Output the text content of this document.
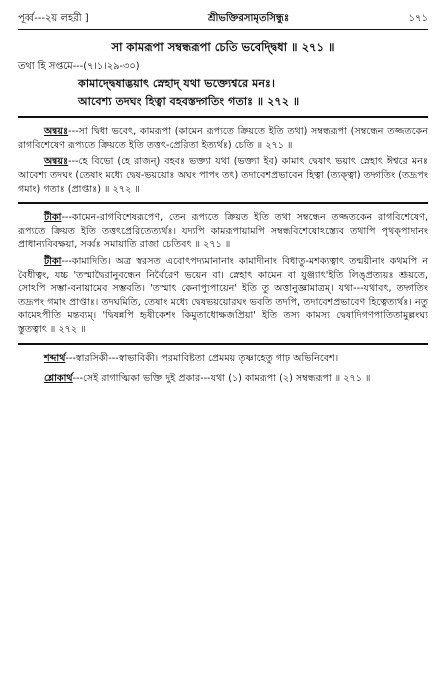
পূর্ব্ব---২য় লহরী ]	শ্রীভক্তিরসামৃতসিন্ধুঃ	১৭১
সা কামরূপা সম্বন্ধরূপা চেতি ভবেদ্দ্বিধা ॥ ২৭১ ॥
তথা হি সপ্তমে---(৭।১।২৯-৩০)
কামাদ্দ্বেষাদ্ভয়াৎ স্নেহাদ্ যথা ভক্ত্যেশ্বরে মনঃ।
আবেশ্য তদঘং হিত্বা বহবস্তদ্গতিং গতাঃ ॥ ২৭২ ॥

অন্বয়ঃ---সা দ্বিধা ভবেৎ, কামরূপা (কামেন রূপ্যতে ক্রিয়তে ইতি তথা) সম্বন্ধরূপা (সম্বন্ধেন তজ্জতকেন রাগবিশেষেণ রূপ্যতে ক্রিয়তে ইতি তত্তৎ-প্রেরিতা ইত্যর্থঃ) চেতি ॥ ২৭১ ॥

অন্বয়ঃ---হে বিভো (হে রাজন্) বহবঃ ভক্ত্যা যথা (ভক্ত্যা ইব) কামাৎ দ্বেষাৎ ভয়াৎ স্নেহাৎ ঈশ্বরে মনঃ আবেশ্য তদঘং (তেষাং মধ্যে দ্বেষ-ভয়য়োঃ অঘং পাপং তৎ) তদাবেশপ্রভাবেন হিত্বা (ত্যক্ত্বা) তদ্গতিং (তদ্রূপং গমাং) গতাঃ (প্রাপ্তাঃ) ॥ ২৭২ ॥

টীকা---কামেন-রাগবিশেষরূপেণ, তেন রূপ্যতে ক্রিয়ত ইতি তথা সম্বন্ধেন তজ্জতকেন রাগবিশেষেণ, রূপ্যতে ক্রিয়ত ইতি তত্তৎপ্রেরিতেত্যর্থঃ। যদ্যপি কামরূপায়ামপি সম্বন্ধবিশেষোঽস্ত্যেব তথাপি পৃথক্‌পাদানং প্রাধান্যবিবক্ষয়া, সর্ব্বঃ সমায়াতি রাজা চেতিবৎ ॥ ২৭১ ॥

টীকা---কামাদিতি। অত্র স্বরসত এবোৎপদ্যমানানাং কামাদীনাং বিধাতু-মশক্যত্বাৎ তন্ময়ীনাং কথমপি ন বৈধীত্বং, যচ্চ 'তস্মাদ্বৈরানুবন্ধেন নির্বৈরেণ ভয়েন বা। স্নেহাৎ কামেন বা যুঞ্জ্যাৎ'ইতি লিঙ্প্রত্যয়ঃ শ্রূয়তে, সোঽপি সম্ভা-বনায়ামেব সম্ভবতি। 'তস্মাৎ কেনাপ্যুপায়েন' ইতি তু অত্তানুজ্ঞামাত্রম্। যথা---যথাবৎ, তদ্গতিং তদ্রূপং গমাং প্রাপ্তাঃ। তদঘমিতি, তেষাং মধ্যে দ্বেষভয়য়োরঘং ভবতি তদপি, তদাবেশপ্রভাবেণ হিত্বেত্যর্থঃ। নতু কামেঽপীতি মন্তব্যম্। 'দ্বিষন্নপি হৃষীকেশং কিমুতাধোক্ষজপ্রিয়া' ইতি তস্য কামস্য দ্বেষাদিগণপাতিতামুল্লংঘ্য স্তুতত্বাৎ ॥ ২৭২ ॥

শব্দার্থ---স্বারসিকী---স্বাভাবিকী। পরমাবিষ্টতা প্রেমময় তৃষ্ণাহেতু গাঢ় অভিনিবেশ।

শ্লোকার্থ---সেই রাগাত্মিকা ভক্তি দুই প্রকার---যথা (১) কামরূপা (২) সম্বন্ধরূপা ॥ ২৭১ ॥
